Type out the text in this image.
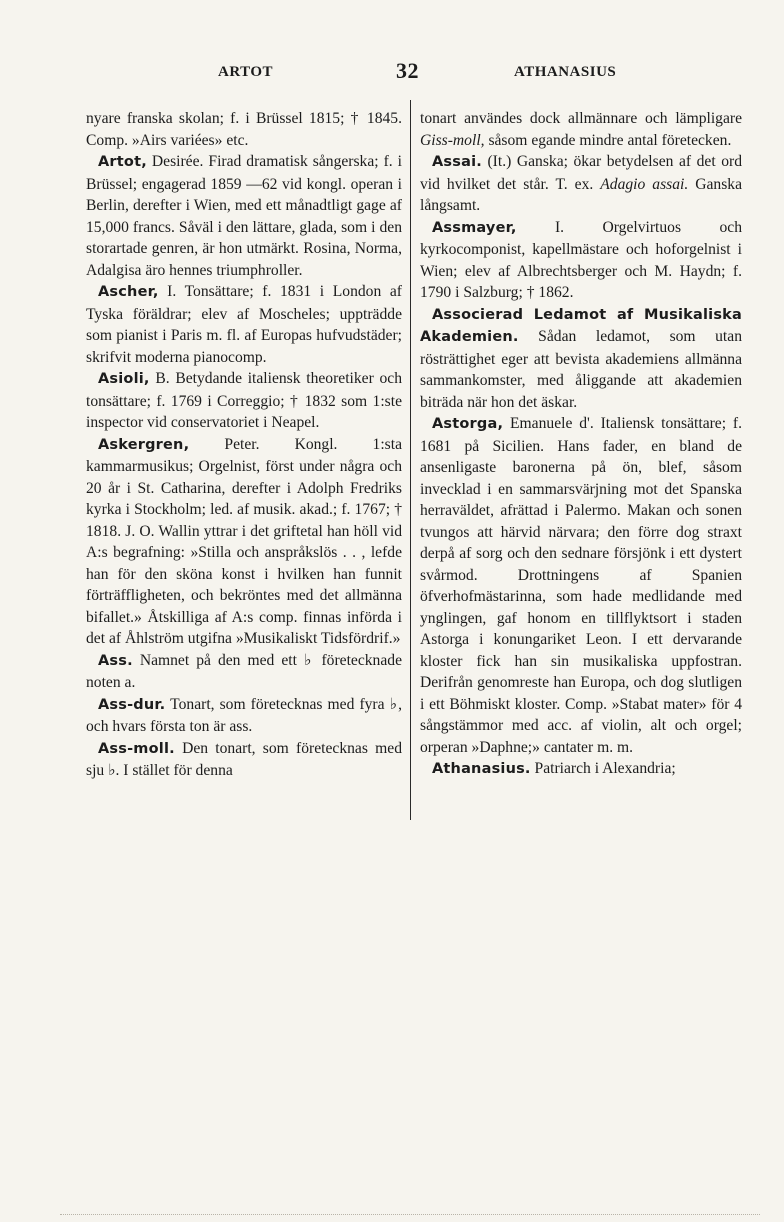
ARTOT	32	ATHANASIUS

nyare franska skolan; f. i Brüssel 1815; † 1845. Comp. »Airs variées» etc.

Artot, Desirée. Firad dramatisk sångerska; f. i Brüssel; engagerad 1859 —62 vid kongl. operan i Berlin, derefter i Wien, med ett månadtligt gage af 15,000 francs. Såväl i den lättare, glada, som i den storartade genren, är hon utmärkt. Rosina, Norma, Adalgisa äro hennes triumphroller.

Ascher, I. Tonsättare; f. 1831 i London af Tyska föräldrar; elev af Moscheles; uppträdde som pianist i Paris m. fl. af Europas hufvudstäder; skrifvit moderna pianocomp.

Asioli, B. Betydande italiensk theoretiker och tonsättare; f. 1769 i Correggio; † 1832 som 1:ste inspector vid conservatoriet i Neapel.

Askergren, Peter. Kongl. 1:sta kammarmusikus; Orgelnist, först under några och 20 år i St. Catharina, derefter i Adolph Fredriks kyrka i Stockholm; led. af musik. akad.; f. 1767; † 1818. J. O. Wallin yttrar i det griftetal han höll vid A:s begrafning: »Stilla och anspråkslös . . , lefde han för den sköna konst i hvilken han funnit förträffligheten, och bekröntes med det allmänna bifallet.» Åtskilliga af A:s comp. finnas införda i det af Åhlström utgifna »Musikaliskt Tidsfördrif.»

Ass. Namnet på den med ett ♭ företecknade noten a.

Ass-dur. Tonart, som företecknas med fyra ♭, och hvars första ton är ass.

Ass-moll. Den tonart, som företecknas med sju ♭. I stället för denna

tonart användes dock allmännare och lämpligare Giss-moll, såsom egande mindre antal företecken.

Assai. (It.) Ganska; ökar betydelsen af det ord vid hvilket det står. T. ex. Adagio assai. Ganska långsamt.

Assmayer, I. Orgelvirtuos och kyrkocomponist, kapellmästare och hoforgelnist i Wien; elev af Albrechtsberger och M. Haydn; f. 1790 i Salzburg; † 1862.

Associerad Ledamot af Musikaliska Akademien. Sådan ledamot, som utan rösträttighet eger att bevista akademiens allmänna sammankomster, med åliggande att akademien biträda när hon det äskar.

Astorga, Emanuele d'. Italiensk tonsättare; f. 1681 på Sicilien. Hans fader, en bland de ansenligaste baronerna på ön, blef, såsom invecklad i en sammarsvärjning mot det Spanska herraväldet, afrättad i Palermo. Makan och sonen tvungos att härvid närvara; den förre dog straxt derpå af sorg och den sednare försjönk i ett dystert svårmod. Drottningens af Spanien öfverhofmästarinna, som hade medlidande med ynglingen, gaf honom en tillflyktsort i staden Astorga i konungariket Leon. I ett dervarande kloster fick han sin musikaliska uppfostran. Derifrån genomreste han Europa, och dog slutligen i ett Böhmiskt kloster. Comp. »Stabat mater» för 4 sångstämmor med acc. af violin, alt och orgel; orperan »Daphne;» cantater m. m.

Athanasius. Patriarch i Alexandria;
